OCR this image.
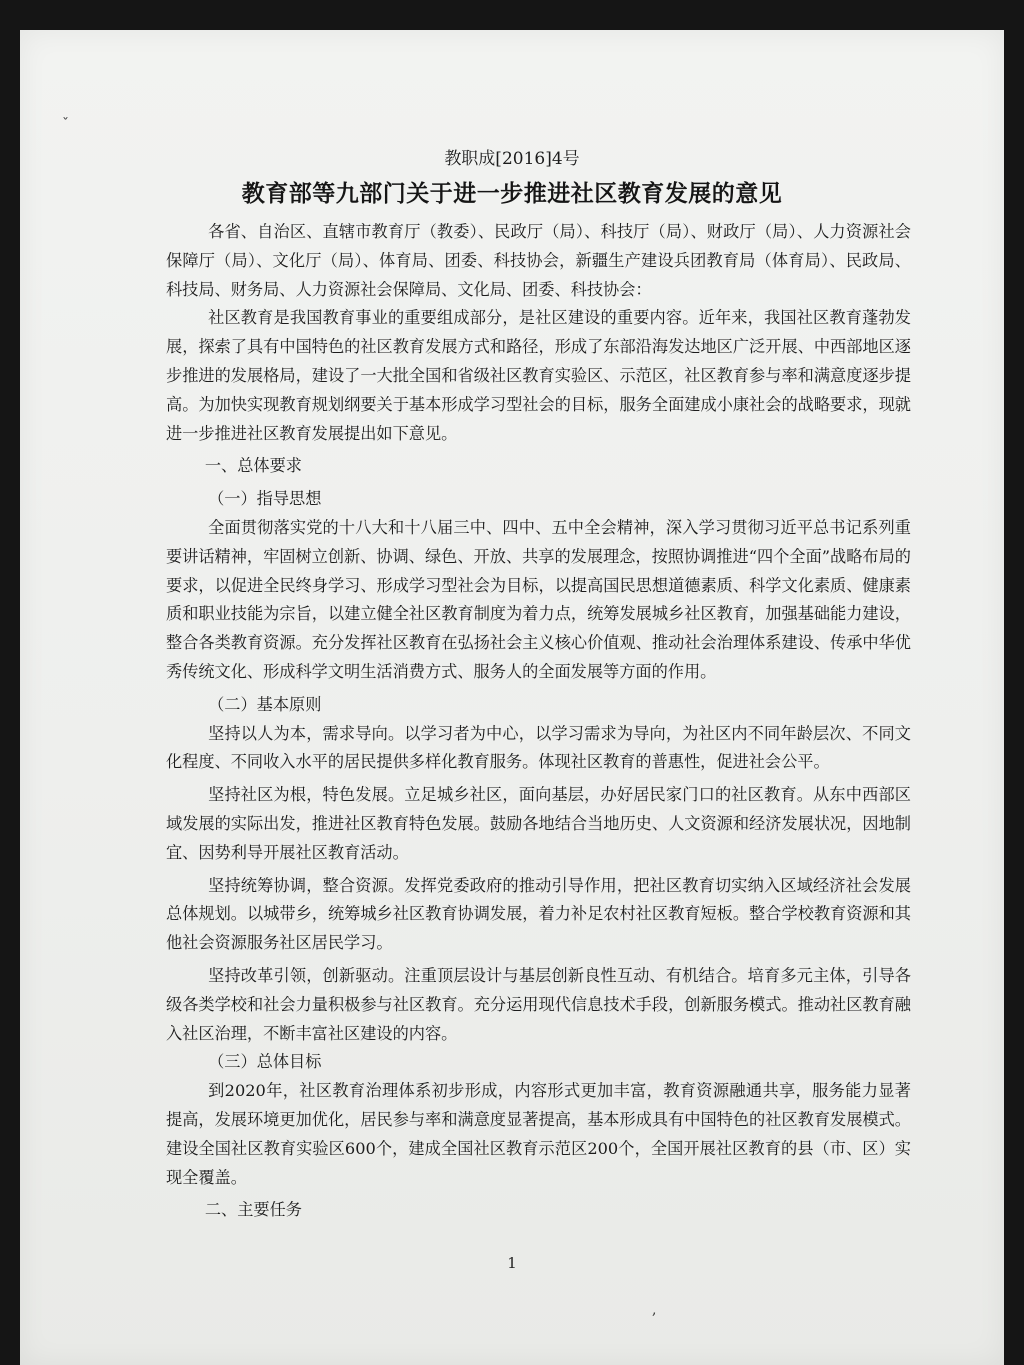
ˇ
,
教职成[2016]4号
教育部等九部门关于进一步推进社区教育发展的意见

各省、自治区、直辖市教育厅（教委）、民政厅（局）、科技厅（局）、财政厅（局）、人力资源社会保障厅（局）、文化厅（局）、体育局、团委、科技协会，新疆生产建设兵团教育局（体育局）、民政局、科技局、财务局、人力资源社会保障局、文化局、团委、科技协会：

社区教育是我国教育事业的重要组成部分，是社区建设的重要内容。近年来，我国社区教育蓬勃发展，探索了具有中国特色的社区教育发展方式和路径，形成了东部沿海发达地区广泛开展、中西部地区逐步推进的发展格局，建设了一大批全国和省级社区教育实验区、示范区，社区教育参与率和满意度逐步提高。为加快实现教育规划纲要关于基本形成学习型社会的目标，服务全面建成小康社会的战略要求，现就进一步推进社区教育发展提出如下意见。

一、总体要求

（一）指导思想

全面贯彻落实党的十八大和十八届三中、四中、五中全会精神，深入学习贯彻习近平总书记系列重要讲话精神，牢固树立创新、协调、绿色、开放、共享的发展理念，按照协调推进“四个全面”战略布局的要求，以促进全民终身学习、形成学习型社会为目标，以提高国民思想道德素质、科学文化素质、健康素质和职业技能为宗旨，以建立健全社区教育制度为着力点，统筹发展城乡社区教育，加强基础能力建设，整合各类教育资源。充分发挥社区教育在弘扬社会主义核心价值观、推动社会治理体系建设、传承中华优秀传统文化、形成科学文明生活消费方式、服务人的全面发展等方面的作用。

（二）基本原则

坚持以人为本，需求导向。以学习者为中心，以学习需求为导向，为社区内不同年龄层次、不同文化程度、不同收入水平的居民提供多样化教育服务。体现社区教育的普惠性，促进社会公平。

坚持社区为根，特色发展。立足城乡社区，面向基层，办好居民家门口的社区教育。从东中西部区域发展的实际出发，推进社区教育特色发展。鼓励各地结合当地历史、人文资源和经济发展状况，因地制宜、因势利导开展社区教育活动。

坚持统筹协调，整合资源。发挥党委政府的推动引导作用，把社区教育切实纳入区域经济社会发展总体规划。以城带乡，统筹城乡社区教育协调发展，着力补足农村社区教育短板。整合学校教育资源和其他社会资源服务社区居民学习。

坚持改革引领，创新驱动。注重顶层设计与基层创新良性互动、有机结合。培育多元主体，引导各级各类学校和社会力量积极参与社区教育。充分运用现代信息技术手段，创新服务模式。推动社区教育融入社区治理，不断丰富社区建设的内容。

（三）总体目标

到2020年，社区教育治理体系初步形成，内容形式更加丰富，教育资源融通共享，服务能力显著提高，发展环境更加优化，居民参与率和满意度显著提高，基本形成具有中国特色的社区教育发展模式。建设全国社区教育实验区600个，建成全国社区教育示范区200个，全国开展社区教育的县（市、区）实现全覆盖。

二、主要任务

1
